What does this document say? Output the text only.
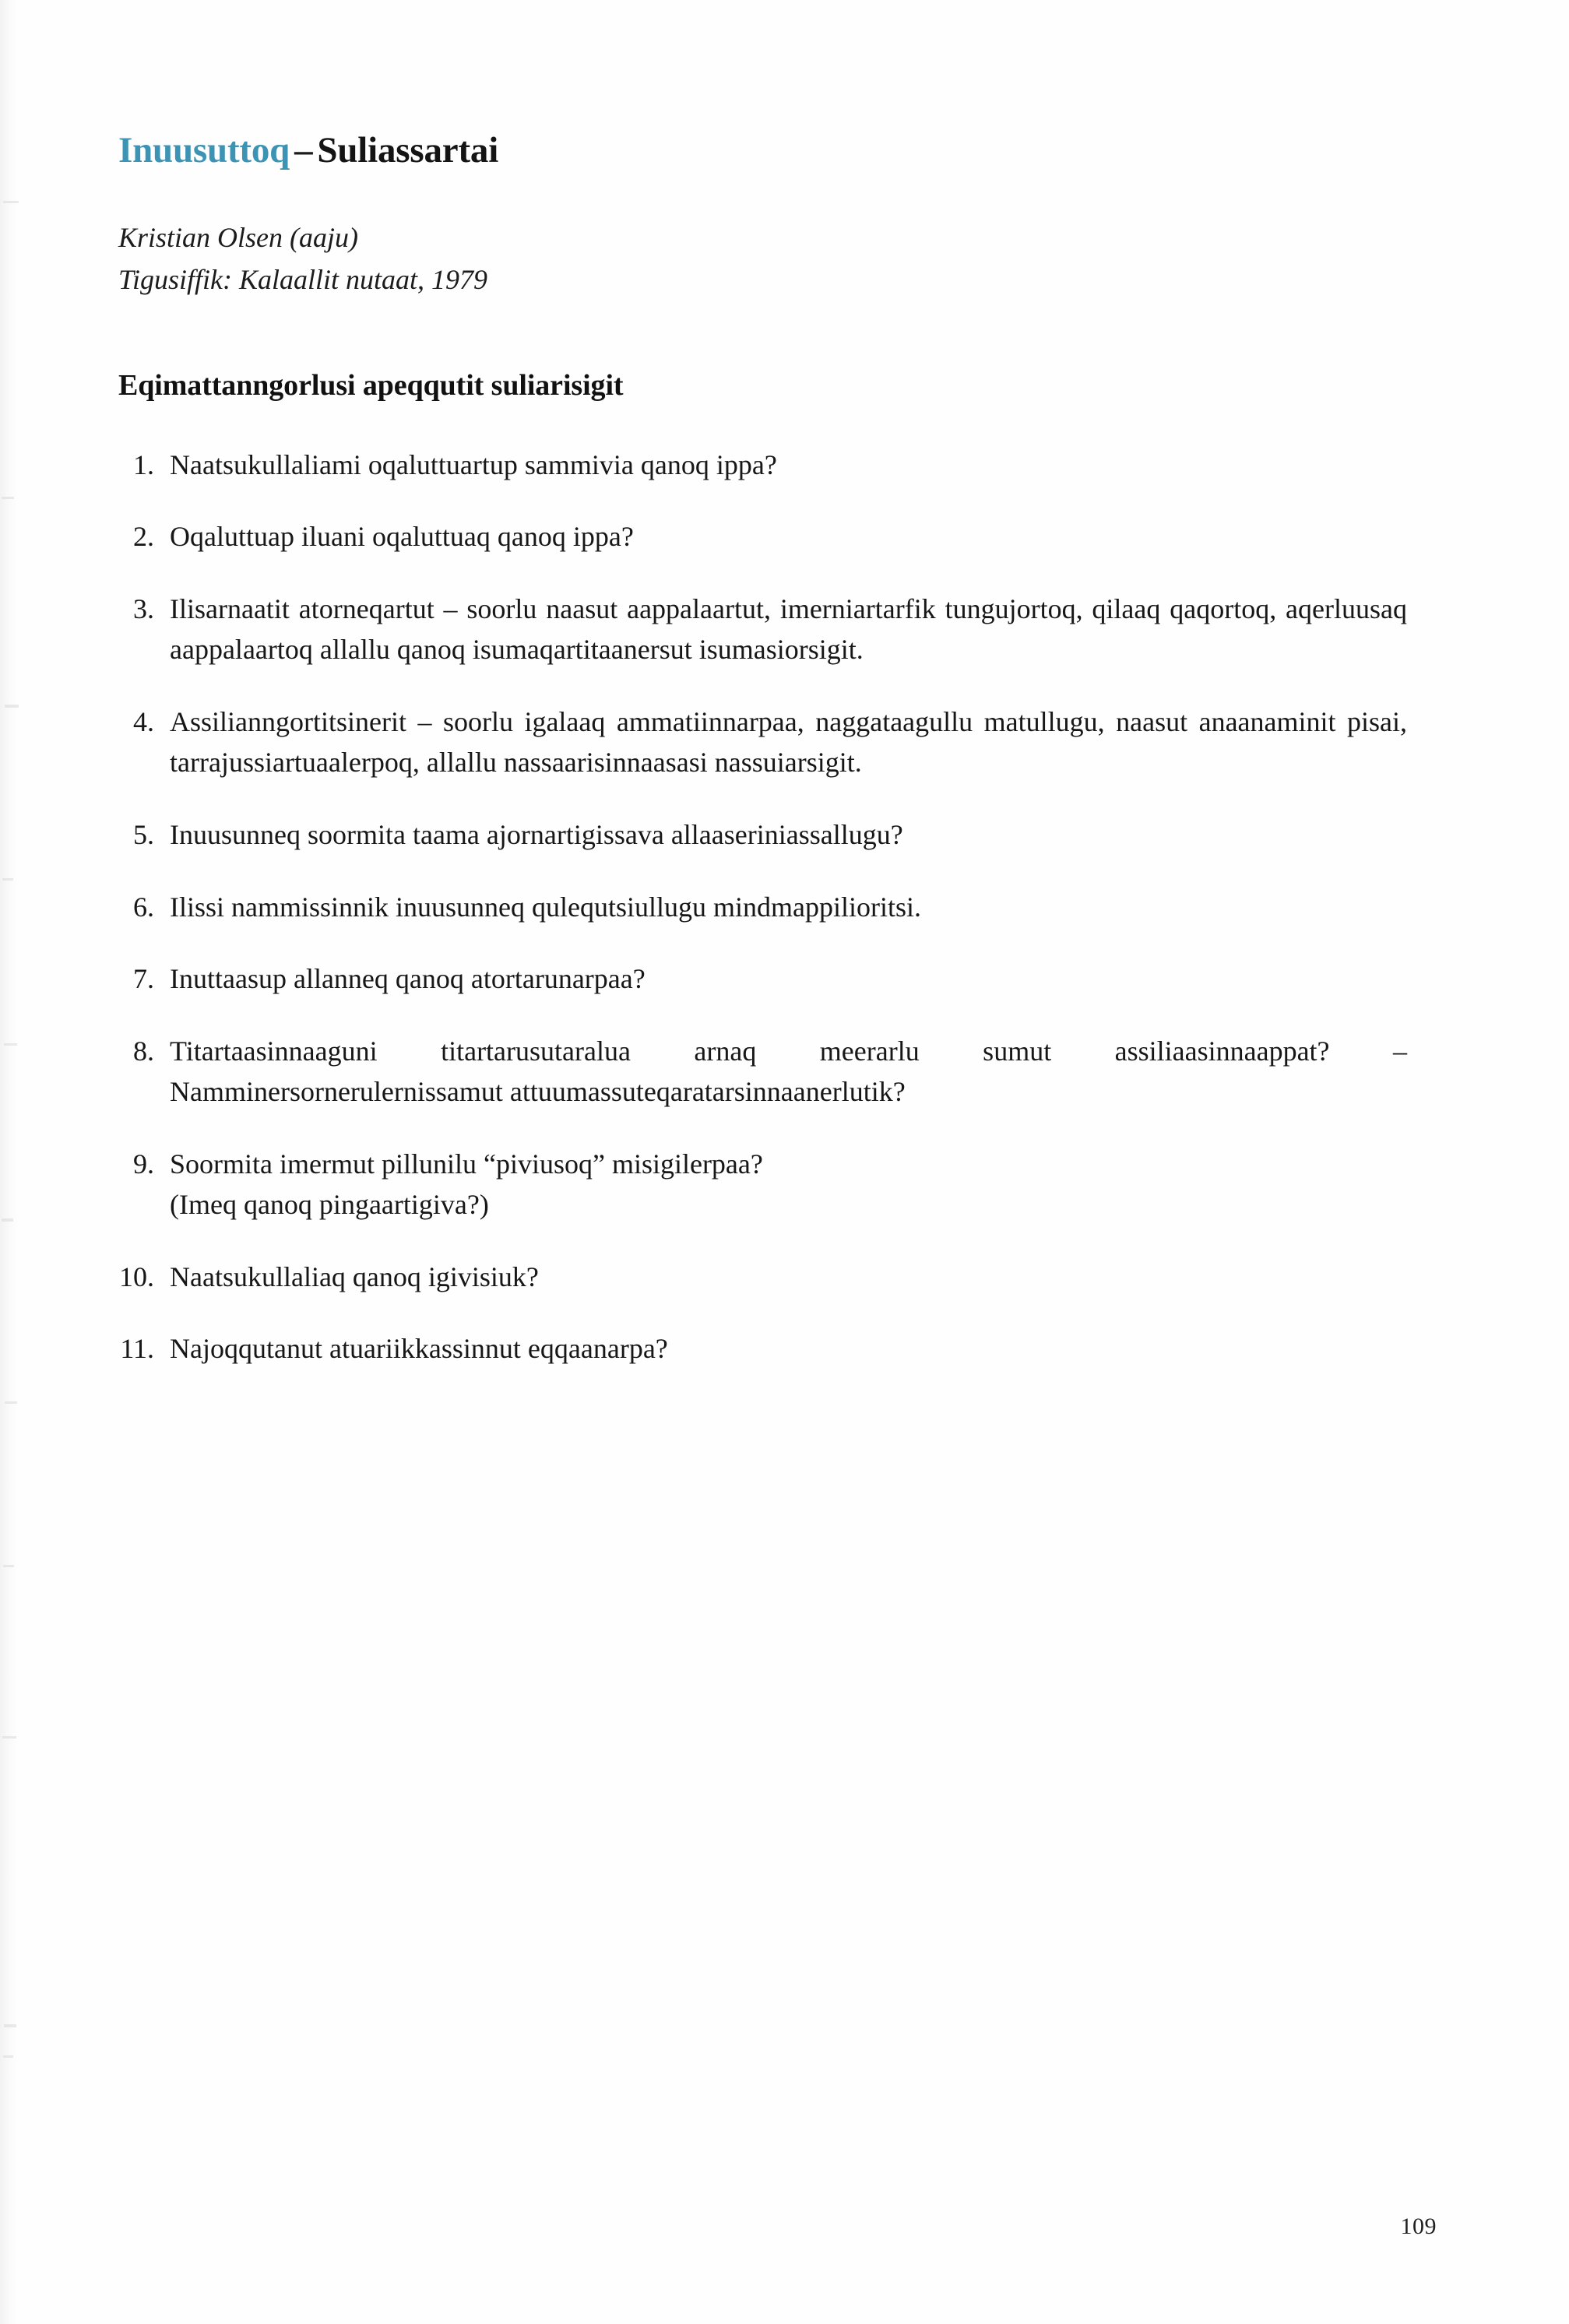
Inuusuttoq – Suliassartai
Kristian Olsen (aaju)
Tigusiffik: Kalaallit nutaat, 1979
Eqimattanngorlusi apeqqutit suliarisigit
1. Naatsukullaliami oqaluttuartup sammivia qanoq ippa?
2. Oqaluttuap iluani oqaluttuaq qanoq ippa?
3. Ilisarnaatit atorneqartut – soorlu naasut aappalaartut, imerniartarfik tungujortoq, qilaaq qaqortoq, aqerluusaq aappalaartoq allallu qanoq isumaqartitaanersut isumasiorsigit.
4. Assilianngortitsinerit – soorlu igalaaq ammatiinnarpaa, naggataagullu matullugu, naasut anaanaminit pisai, tarrajussiartuaalerpoq, allallu nassaarisinnaasasi nassuiarsigit.
5. Inuusunneq soormita taama ajornartigissava allaaseriniassallugu?
6. Ilissi nammissinnik inuusunneq qulequtsiullugu mindmappilioritsi.
7. Inuttaasup allanneq qanoq atortarunarpaa?
8. Titartaasinnaaguni titartarusutaralua arnaq meerarlu sumut assiliaasinnaappat? – Namminersornerulernissamut attuumassuteqaratarsinnaanerlutik?
9. Soormita imermut pillunilu “piviusoq” misigilerpaa?
(Imeq qanoq pingaartigiva?)
10. Naatsukullaliaq qanoq igivisiuk?
11. Najoqqutanut atuariikkassinnut eqqaanarpa?
109
